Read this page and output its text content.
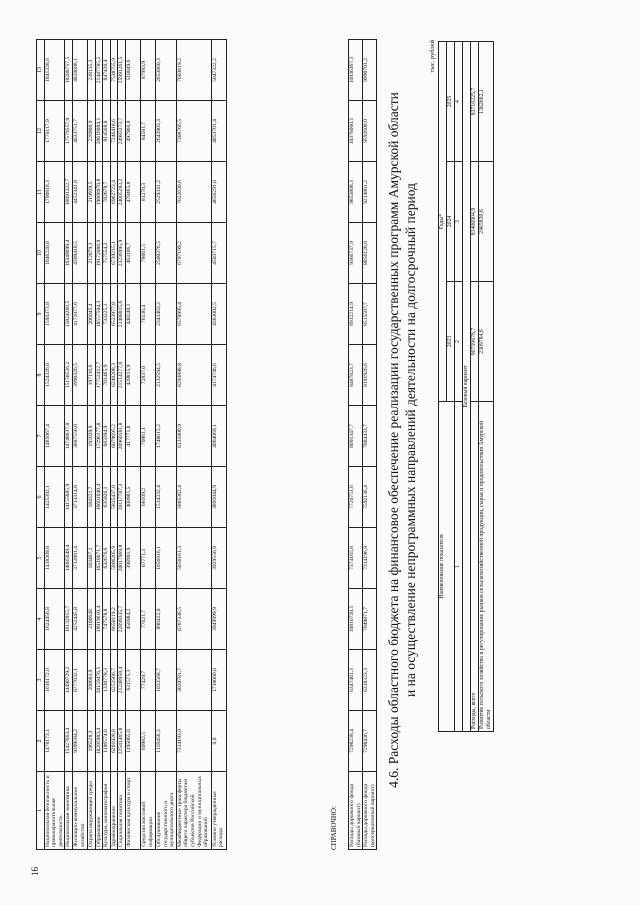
16
1	2	3	4	5	6	7	8	9	10	11	12	13
Национальная безопасность и правоохранительная деятельность	1478173,1	1616172,0	1624456,8	1418309,8	1425392,1	1485067,4	1524326,0	1593373,8	1646220,8	1700818,3	1770117,9	1841328,6
Национальная экономика	15427663,4	14490729,2	16132955,7	14085649,4	14155885,9	14748637,0	15158526,2	15824260,5	16349099,4	16891322,7	17579557,0	18288757,5
Жилищно-коммунальное хозяйство	9399584,2	6777032,1	4252445,8	3712801,4	3713314,8	3887556,0	3990326,5	4171077,6	4309418,5	4452341,8	4633751,7	4820688,1
Охрана окружающей среды	196528,3	208603,9	2100648	183407,2	184321,7	192039,9	197116,6	206045,4	212879,3	219939,5	228900,9	238135,3
Образование	18285983,4	20159476,5	18919610,4	16518671,7	16601040,4	17296177,8	17752412,7	18557504,3	19172088,9	19808970,8	20616084,1	21447785,2
Культура, кинематография	1186574,0	1330778,3	747578,8	632676,6	635926,1	683394,9	701465,9	733225,1	757554,2	782678,7	814568,8	847430,4
Здравоохранение	6201928,8	6252566,7	6650119,2	5806205,9	5835437,0	6079695,2	6240208,3	6523977,8	6739215,1	6962723,4	7246418,6	7538755,9
Социальная политика	22541465,8	21248958,4	22899335,7	20017969,8	20117787,3	20960181,8	21514277,0	22488815,6	23236995,9	24005283,2	24983373,7	25991261,5
Физическая культура и спорт	1195065,0	621575,3	456984,2	398991,9	400981,5	417771,8	428815,9	448240,1	463106,7	478465,8	497960,8	518049,6
Средства массовой информации	69982,5	77429,7	77621,7	67771,3	68109,2	70961,1	72837,0	76136,4	78661,5	81270,3	84581,7	87993,9
Обслуживание государственного и муниципального долга	1118456,3	1033568,7	896412,0	1056916,1	1514332,4	1748615,2	2132594,5	2343463,2	2500376,5	2529341,2	2643903,3	2653860,3
Межбюджетные трансферты общего характера бюджетам субъектов Российской Федерации и муниципальных образований	7314193,0	3039781,7	6707336,5	5856161,3	5885362,4	6131800,9	6293898,8	6578995,4	6797199,2	7022630,6	7308766,5	7603619,2
Условно утвержденные расходы	0,0	1710000,0	3949999,9	3929556,9	3891044,9	4064069,1	4174746,6	4363002,5	4503715,7	4656291,0	4853701,4	5047322,2
СПРАВОЧНО: Расходы дорожного фонда (базовый вариант)	7298238,4	6347461,3	10810720,5	7374165,8	7720751,6	8091347,7	8487823,7	8912214,9	9366737,9	9853808,3	10376060,1	10936367,3
Расходы дорожного фонда (консервативный вариант)	7298436,7	6318323,3	7049871,7	7314196,9	7592136,4	7884433,7	8191926,6	8515507,7	8856128,0	9214801,2	9592608,0	9990701,2
4.6. Расходы областного бюджета на финансовое обеспечение реализации государственных программ Амурской области и на осуществление непрограммных направлений деятельности на долгосрочный период
тыс. рублей
Наименование показателя	Годы*		
	2023	2024	2025
1	2	3	4
Базовый вариант			
Расходы, всего	90759678,7	81406904,9	83710225,7
Развитие сельского хозяйства и регулирование рынков сельскохозяйственной продукции, сырья и продовольствия Амурской области	2309784,6	2465830,6	1362662,1
